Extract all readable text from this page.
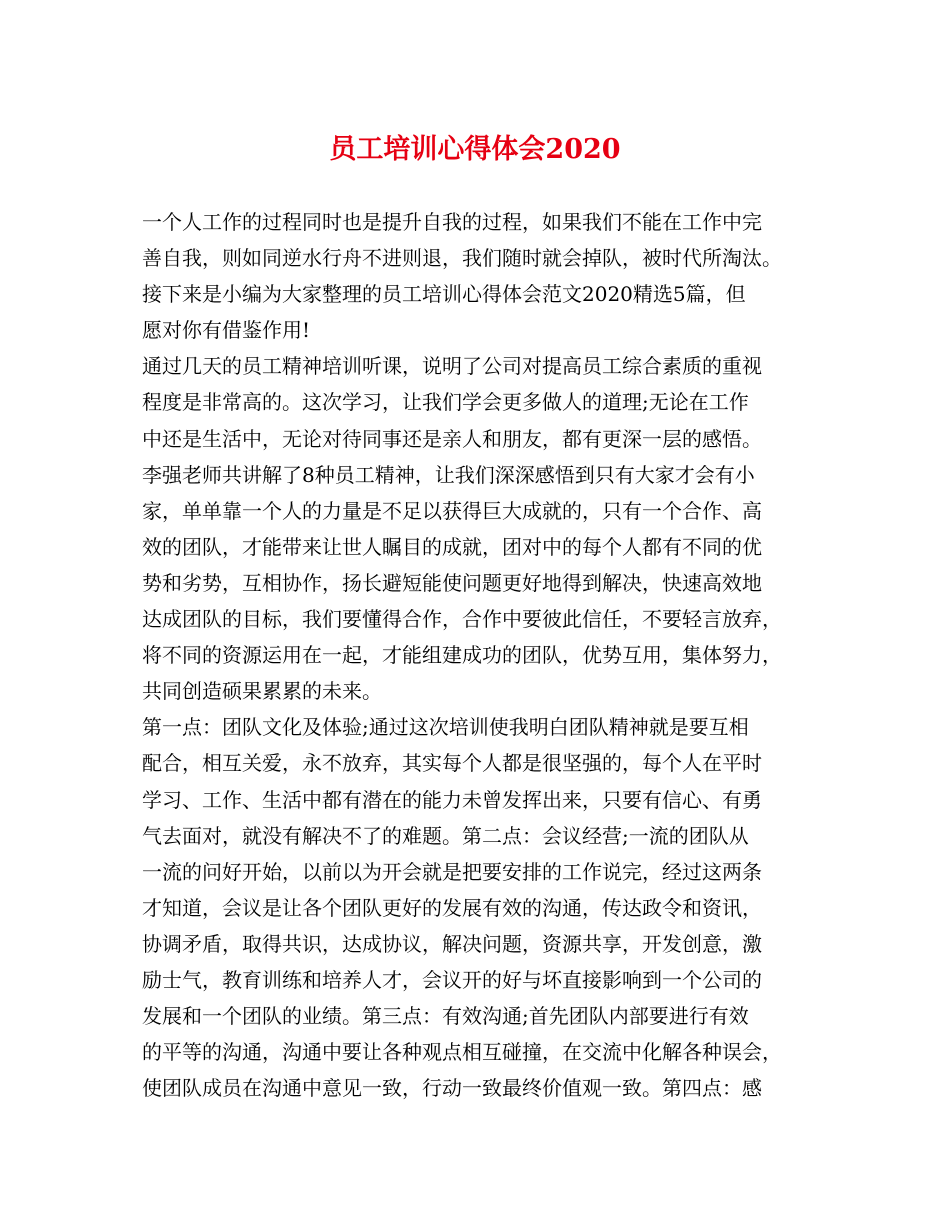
员工培训心得体会2020
一个人工作的过程同时也是提升自我的过程，如果我们不能在工作中完
善自我，则如同逆水行舟不进则退，我们随时就会掉队，被时代所淘汰。
接下来是小编为大家整理的员工培训心得体会范文2020精选5篇，但
愿对你有借鉴作用!
通过几天的员工精神培训听课，说明了公司对提高员工综合素质的重视
程度是非常高的。这次学习，让我们学会更多做人的道理;无论在工作
中还是生活中，无论对待同事还是亲人和朋友，都有更深一层的感悟。
李强老师共讲解了8种员工精神，让我们深深感悟到只有大家才会有小
家，单单靠一个人的力量是不足以获得巨大成就的，只有一个合作、高
效的团队，才能带来让世人瞩目的成就，团对中的每个人都有不同的优
势和劣势，互相协作，扬长避短能使问题更好地得到解决，快速高效地
达成团队的目标，我们要懂得合作，合作中要彼此信任，不要轻言放弃，
将不同的资源运用在一起，才能组建成功的团队，优势互用，集体努力，
共同创造硕果累累的未来。
第一点：团队文化及体验;通过这次培训使我明白团队精神就是要互相
配合，相互关爱，永不放弃，其实每个人都是很坚强的，每个人在平时
学习、工作、生活中都有潜在的能力未曾发挥出来，只要有信心、有勇
气去面对，就没有解决不了的难题。第二点：会议经营;一流的团队从
一流的问好开始，以前以为开会就是把要安排的工作说完，经过这两条
才知道，会议是让各个团队更好的发展有效的沟通，传达政令和资讯，
协调矛盾，取得共识，达成协议，解决问题，资源共享，开发创意，激
励士气，教育训练和培养人才，会议开的好与坏直接影响到一个公司的
发展和一个团队的业绩。第三点：有效沟通;首先团队内部要进行有效
的平等的沟通，沟通中要让各种观点相互碰撞，在交流中化解各种误会，
使团队成员在沟通中意见一致，行动一致最终价值观一致。第四点：感
